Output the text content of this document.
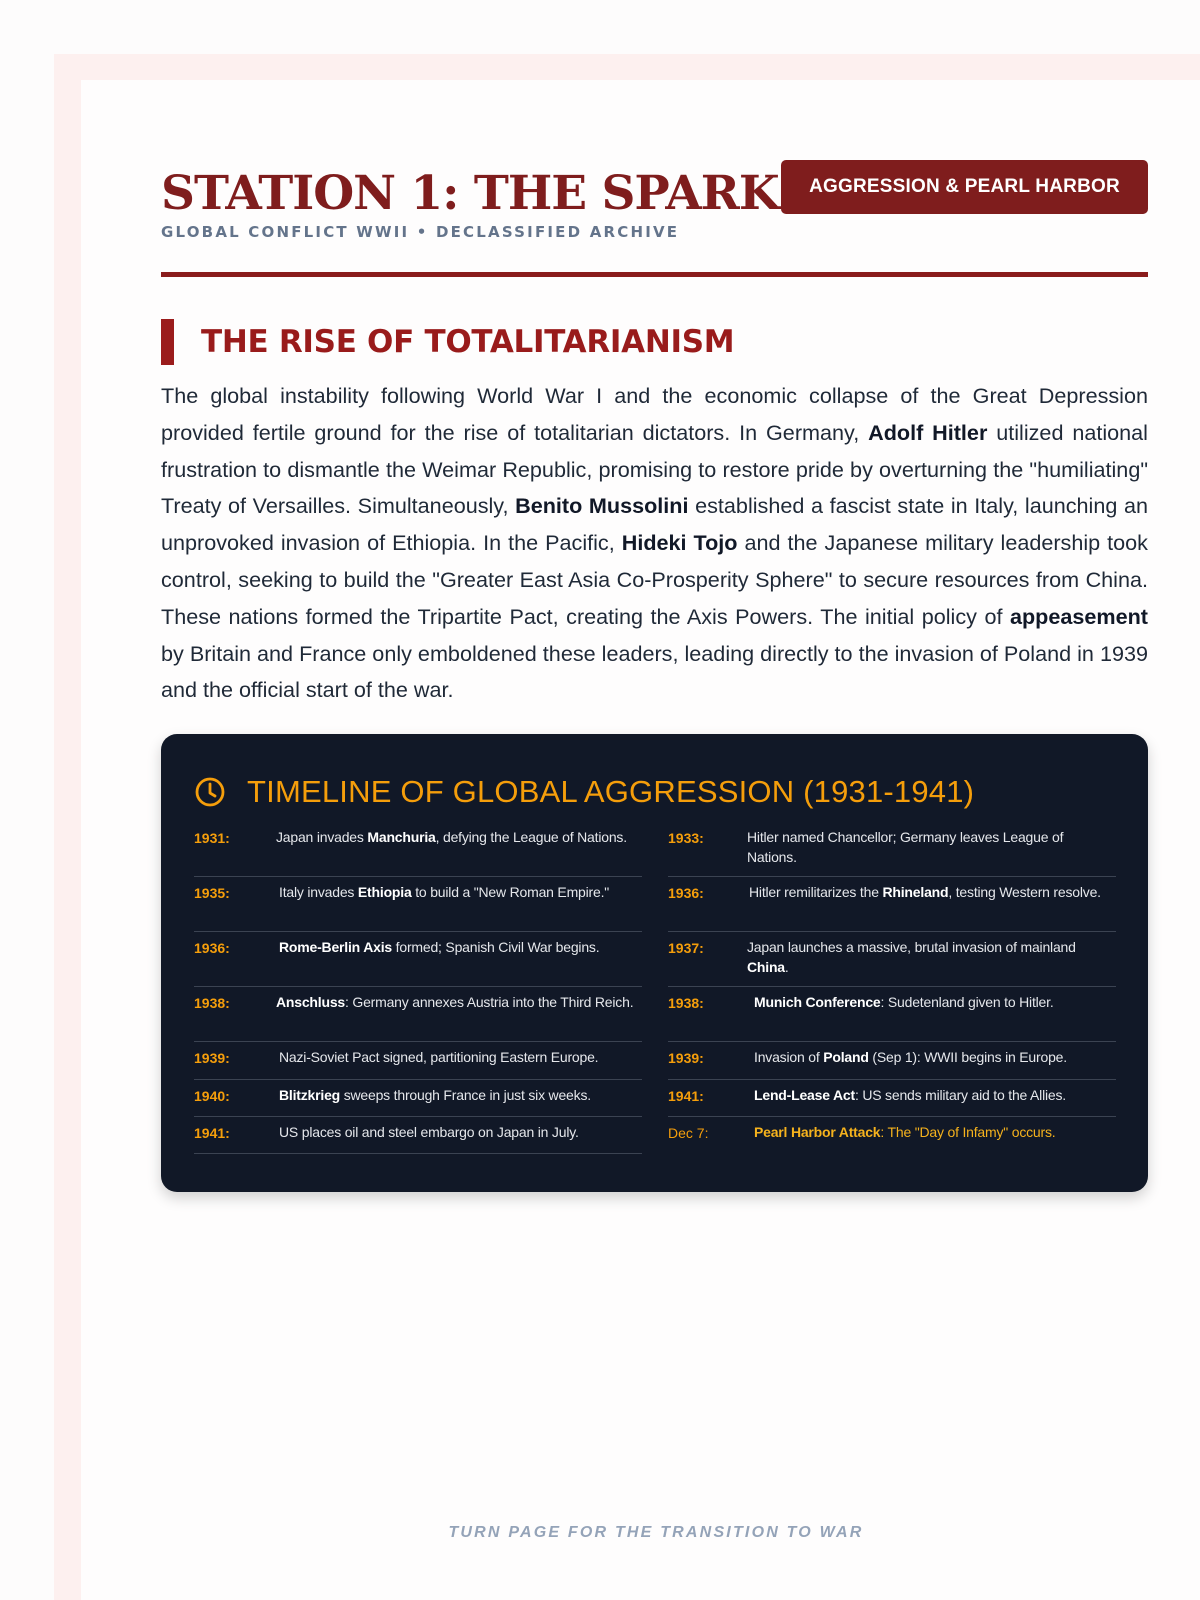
STATION 1: THE SPARK
GLOBAL CONFLICT WWII • DECLASSIFIED ARCHIVE
AGGRESSION & PEARL HARBOR
THE RISE OF TOTALITARIANISM

The global instability following World War I and the economic collapse of the Great Depression provided fertile ground for the rise of totalitarian dictators. In Germany, Adolf Hitler utilized national frustration to dismantle the Weimar Republic, promising to restore pride by overturning the "humiliating" Treaty of Versailles. Simultaneously, Benito Mussolini established a fascist state in Italy, launching an unprovoked invasion of Ethiopia. In the Pacific, Hideki Tojo and the Japanese military leadership took control, seeking to build the "Greater East Asia Co-Prosperity Sphere" to secure resources from China. These nations formed the Tripartite Pact, creating the Axis Powers. The initial policy of appeasement by Britain and France only emboldened these leaders, leading directly to the invasion of Poland in 1939 and the official start of the war.

TIMELINE OF GLOBAL AGGRESSION (1931-1941)
1931:	Japan invades Manchuria, defying the League of Nations.
1935:	Italy invades Ethiopia to build a "New Roman Empire."
1936:	Rome-Berlin Axis formed; Spanish Civil War begins.
1938:	Anschluss: Germany annexes Austria into the Third Reich.
1939:	Nazi-Soviet Pact signed, partitioning Eastern Europe.
1940:	Blitzkrieg sweeps through France in just six weeks.
1941:	US places oil and steel embargo on Japan in July.
1933:	Hitler named Chancellor; Germany leaves League of Nations.
1936:	Hitler remilitarizes the Rhineland, testing Western resolve.
1937:	Japan launches a massive, brutal invasion of mainland China.
1938:	Munich Conference: Sudetenland given to Hitler.
1939:	Invasion of Poland (Sep 1): WWII begins in Europe.
1941:	Lend-Lease Act: US sends military aid to the Allies.
Dec 7:	Pearl Harbor Attack: The "Day of Infamy" occurs.
TURN PAGE FOR THE TRANSITION TO WAR
